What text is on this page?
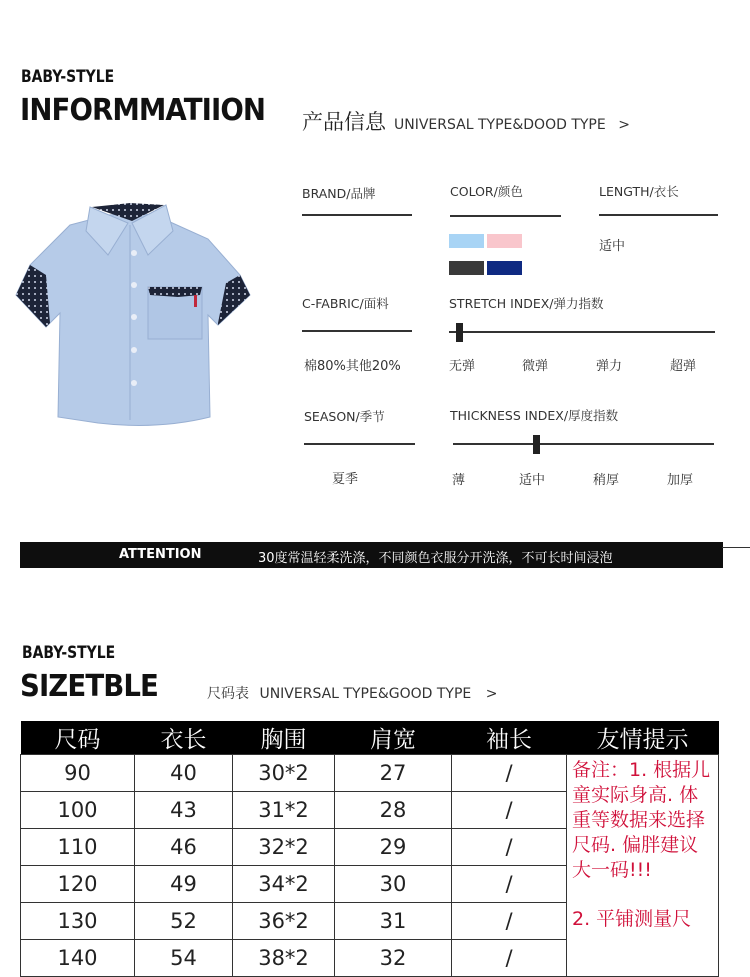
BABY-STYLE
INFORMMATIION 产品信息 UNIVERSAL TYPE&DOOD TYPE >
BRAND/品牌	COLOR/颜色	LENGTH/衣长
适中
C-FABRIC/面料
棉80%其他20%
STRETCH INDEX/弹力指数
无弹	微弹	弹力	超弹
SEASON/季节
夏季
THICKNESS INDEX/厚度指数
薄	适中	稍厚	加厚
ATTENTION	30度常温轻柔洗涤，不同颜色衣服分开洗涤，不可长时间浸泡
BABY-STYLE
SIZETBLE	尺码表 UNIVERSAL TYPE&GOOD TYPE >
尺码	衣长	胸围	肩宽	袖长	友情提示
90	40	30*2	27	/	备注：1. 根据儿童实际身高. 体重等数据来选择尺码. 偏胖建议大一码!!!
2. 平铺测量尺

100	43	31*2	28	/	
110	46	32*2	29	/	
120	49	34*2	30	/	
130	52	36*2	31	/	
140	54	38*2	32	/	
